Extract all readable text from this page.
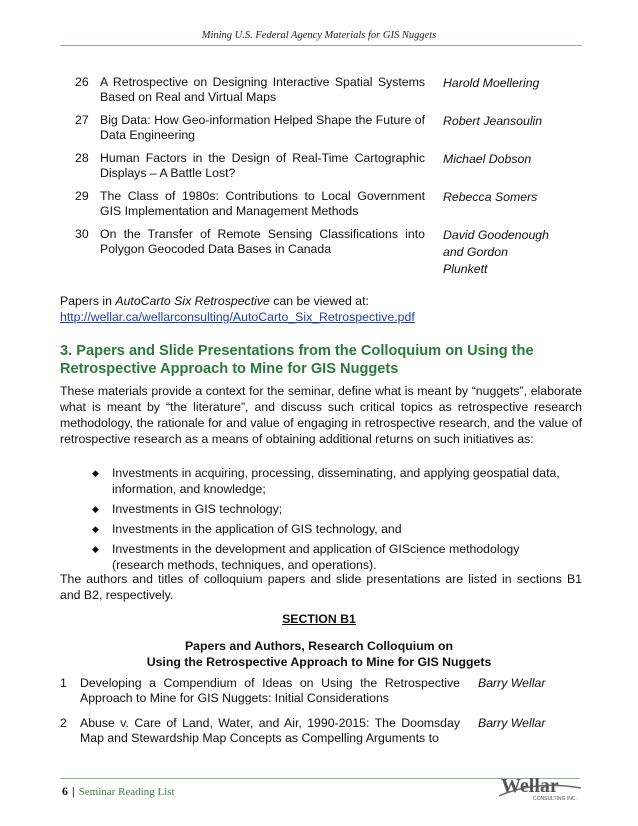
Mining U.S. Federal Agency Materials for GIS Nuggets
26 A Retrospective on Designing Interactive Spatial Systems Based on Real and Virtual Maps
Harold Moellering
27 Big Data: How Geo-information Helped Shape the Future of Data Engineering
Robert Jeansoulin
28 Human Factors in the Design of Real-Time Cartographic Displays – A Battle Lost?
Michael Dobson
29 The Class of 1980s: Contributions to Local Government GIS Implementation and Management Methods
Rebecca Somers
30 On the Transfer of Remote Sensing Classifications into Polygon Geocoded Data Bases in Canada
David Goodenough and Gordon Plunkett
Papers in AutoCarto Six Retrospective can be viewed at:
http://wellar.ca/wellarconsulting/AutoCarto_Six_Retrospective.pdf
3. Papers and Slide Presentations from the Colloquium on Using the Retrospective Approach to Mine for GIS Nuggets
These materials provide a context for the seminar, define what is meant by “nuggets”, elaborate what is meant by “the literature”, and discuss such critical topics as retrospective research methodology, the rationale for and value of engaging in retrospective research, and the value of retrospective research as a means of obtaining additional returns on such initiatives as:
◆	Investments in acquiring, processing, disseminating, and applying geospatial data, information, and knowledge;
◆	Investments in GIS technology;
◆	Investments in the application of GIS technology, and
◆	Investments in the development and application of GIScience methodology (research methods, techniques, and operations).
The authors and titles of colloquium papers and slide presentations are listed in sections B1 and B2, respectively.
SECTION B1
Papers and Authors, Research Colloquium on
Using the Retrospective Approach to Mine for GIS Nuggets
1	Developing a Compendium of Ideas on Using the Retrospective Approach to Mine for GIS Nuggets: Initial Considerations
Barry Wellar
2	Abuse v. Care of Land, Water, and Air, 1990-2015: The Doomsday Map and Stewardship Map Concepts as Compelling Arguments to
Barry Wellar
6 | Seminar Reading List	Wellar
CONSULTING INC.
